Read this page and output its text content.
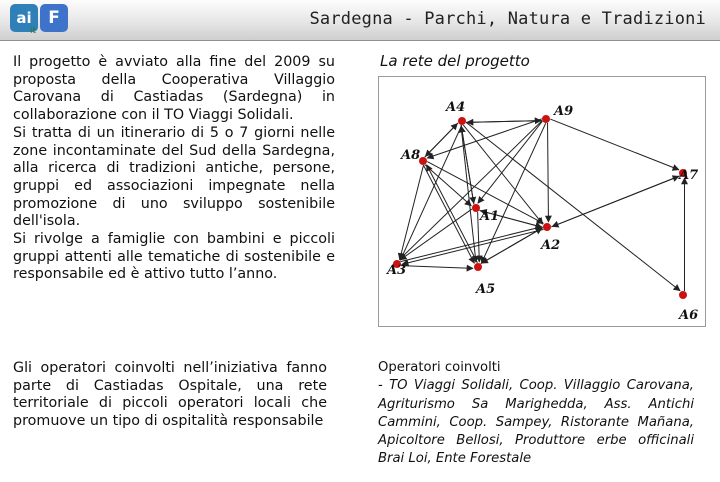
ai F
it
Sardegna - Parchi, Natura e Tradizioni

Il progetto è avviato alla fine del 2009 su proposta della Cooperativa Villaggio Carovana di Castiadas (Sardegna) in collaborazione con il TO Viaggi Solidali.

Si tratta di un itinerario di 5 o 7 giorni nelle zone incontaminate del Sud della Sardegna, alla ricerca di tradizioni antiche, persone, gruppi ed associazioni impegnate nella promozione di uno sviluppo sostenibile dell'isola.

Si rivolge a famiglie con bambini e piccoli gruppi attenti alle tematiche di sostenibile e responsabile ed è attivo tutto l’anno.

Gli operatori coinvolti nell’iniziativa fanno parte di Castiadas Ospitale, una rete territoriale di piccoli operatori locali che promuove un tipo di ospitalità responsabile

La rete del progetto
A4	A9
A8
A7
A1
A2
A3
A5
A6
Operatori coinvolti
- TO Viaggi Solidali, Coop. Villaggio Carovana, Agriturismo Sa Marighedda, Ass. Antichi Cammini, Coop. Sampey, Ristorante Mañana, Apicoltore Bellosi, Produttore erbe officinali Brai Loi, Ente Forestale
